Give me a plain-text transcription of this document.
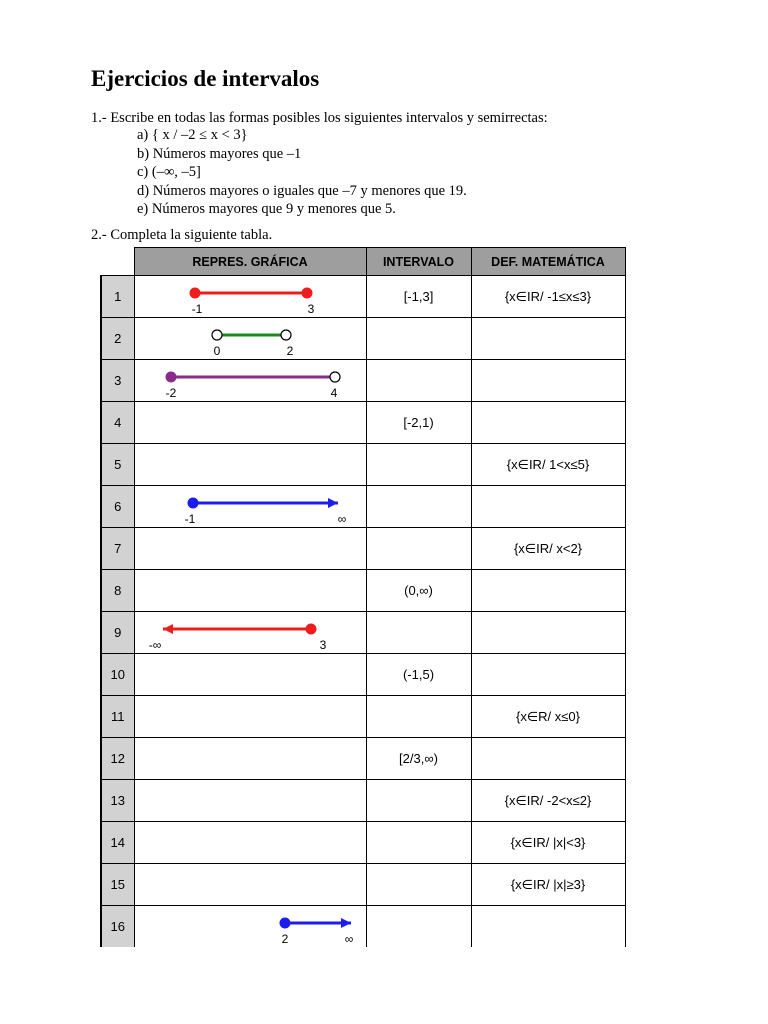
Ejercicios de intervalos
1.- Escribe en todas las formas posibles los siguientes intervalos y semirrectas:
a) { x / –2 ≤ x < 3}
b) Números mayores que –1
c) (–∞, –5]
d) Números mayores o iguales que –7 y menores que 19.
e) Números mayores que 9 y menores que 5.
2.- Completa la siguiente tabla.
	REPRES. GRÁFICA	INTERVALO	DEF. MATEMÁTICA
1	-1 3	[-1,3]	{x∈IR/ -1≤x≤3}
2	0 2		

3	-2 4		

4		[-2,1)	
5			{x∈IR/ 1<x≤5}
6	-1 ∞		

7			{x∈IR/ x<2}
8		(0,∞)	
9	-∞ 3		

10		(-1,5)	
11			{x∈R/ x≤0}
12		[2/3,∞)	
13			{x∈IR/ -2<x≤2}
14			{x∈IR/ |x|<3}
15			{x∈IR/ |x|≥3}
16	2 ∞		
